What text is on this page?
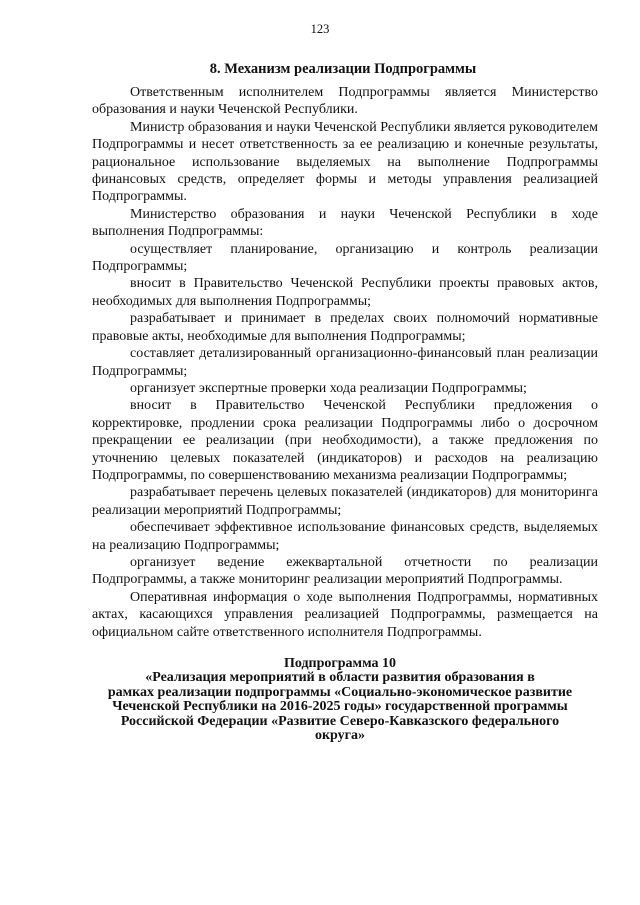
123
8. Механизм реализации Подпрограммы

Ответственным исполнителем Подпрограммы является Министерство образования и науки Чеченской Республики.

Министр образования и науки Чеченской Республики является руководителем Подпрограммы и несет ответственность за ее реализацию и конечные результаты, рациональное использование выделяемых на выполнение Подпрограммы финансовых средств, определяет формы и методы управления реализацией Подпрограммы.

Министерство образования и науки Чеченской Республики в ходе выполнения Подпрограммы:

осуществляет планирование, организацию и контроль реализации Подпрограммы;

вносит в Правительство Чеченской Республики проекты правовых актов, необходимых для выполнения Подпрограммы;

разрабатывает и принимает в пределах своих полномочий нормативные правовые акты, необходимые для выполнения Подпрограммы;

составляет детализированный организационно-финансовый план реализации Подпрограммы;

организует экспертные проверки хода реализации Подпрограммы;

вносит в Правительство Чеченской Республики предложения о корректировке, продлении срока реализации Подпрограммы либо о досрочном прекращении ее реализации (при необходимости), а также предложения по уточнению целевых показателей (индикаторов) и расходов на реализацию Подпрограммы, по совершенствованию механизма реализации Подпрограммы;

разрабатывает перечень целевых показателей (индикаторов) для мониторинга реализации мероприятий Подпрограммы;

обеспечивает эффективное использование финансовых средств, выделяемых на реализацию Подпрограммы;

организует ведение ежеквартальной отчетности по реализации Подпрограммы, а также мониторинг реализации мероприятий Подпрограммы.

Оперативная информация о ходе выполнения Подпрограммы, нормативных актах, касающихся управления реализацией Подпрограммы, размещается на официальном сайте ответственного исполнителя Подпрограммы.

Подпрограмма 10
«Реализация мероприятий в области развития образования в
рамках реализации подпрограммы «Социально-экономическое развитие
Чеченской Республики на 2016-2025 годы» государственной программы
Российской Федерации «Развитие Северо-Кавказского федерального
округа»
